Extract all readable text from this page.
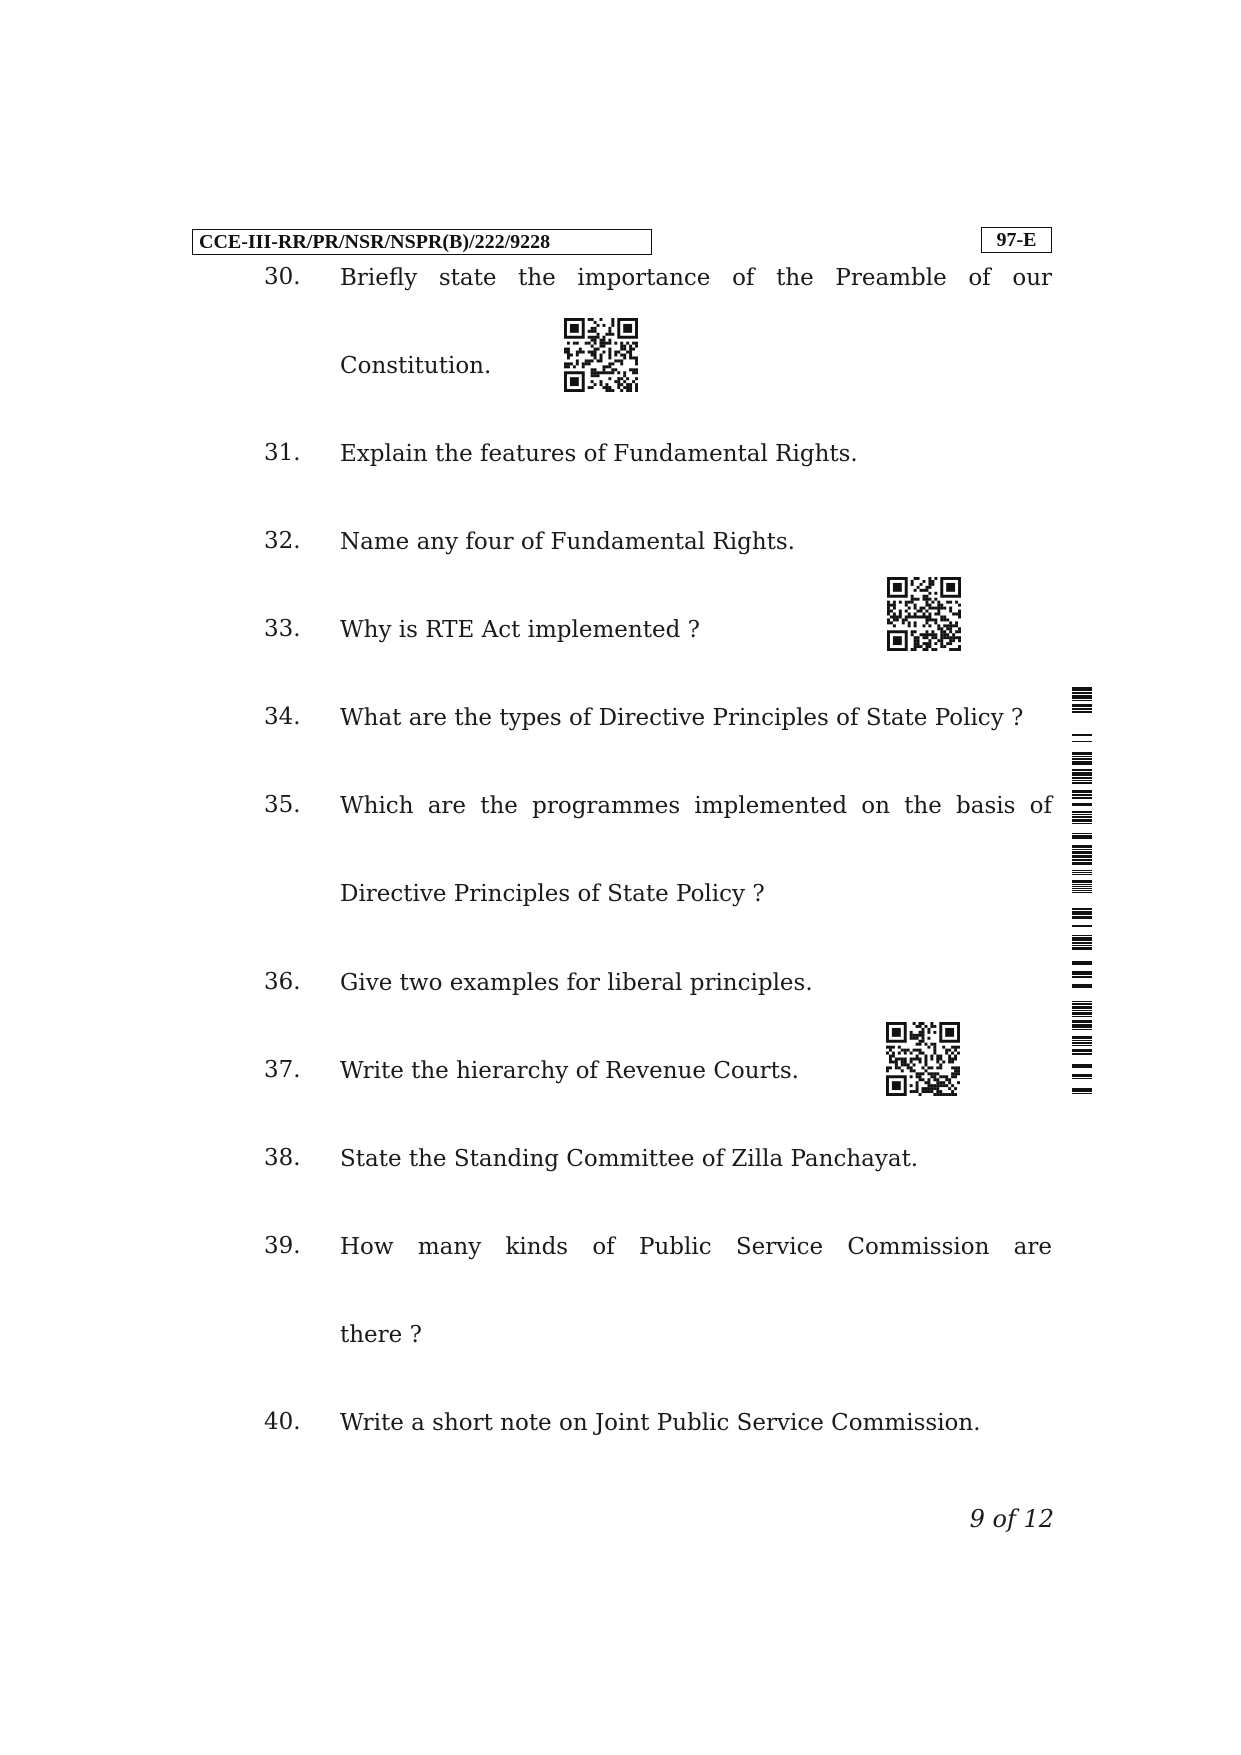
CCE-III-RR/PR/NSR/NSPR(B)/222/9228	97-E
30. Briefly state the importance of the Preamble of our
Constitution.
31. Explain the features of Fundamental Rights.
32. Name any four of Fundamental Rights.
33. Why is RTE Act implemented ?
34. What are the types of Directive Principles of State Policy ?
35. Which are the programmes implemented on the basis of
Directive Principles of State Policy ?
36. Give two examples for liberal principles.
37. Write the hierarchy of Revenue Courts.
38. State the Standing Committee of Zilla Panchayat.
39. How many kinds of Public Service Commission are
there ?
40. Write a short note on Joint Public Service Commission.
9 of 12
